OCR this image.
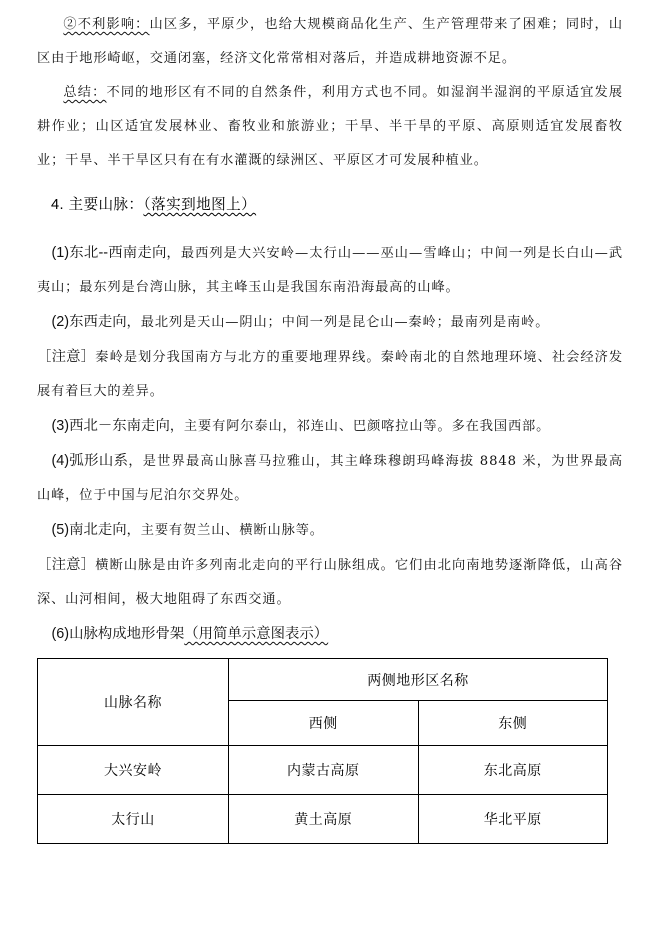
②不利影响：山区多，平原少，也给大规模商品化生产、生产管理带来了困难；同时，山区由于地形崎岖，交通闭塞，经济文化常常相对落后，并造成耕地资源不足。

总结：不同的地形区有不同的自然条件，利用方式也不同。如湿润半湿润的平原适宜发展耕作业；山区适宜发展林业、畜牧业和旅游业；干旱、半干旱的平原、高原则适宜发展畜牧业；干旱、半干旱区只有在有水灌溉的绿洲区、平原区才可发展种植业。

4. 主要山脉：（落实到地图上）

(1)东北--西南走向，最西列是大兴安岭—太行山——巫山—雪峰山；中间一列是长白山—武夷山；最东列是台湾山脉，其主峰玉山是我国东南沿海最高的山峰。

(2)东西走向，最北列是天山—阴山；中间一列是昆仑山—秦岭；最南列是南岭。

［注意］秦岭是划分我国南方与北方的重要地理界线。秦岭南北的自然地理环境、社会经济发展有着巨大的差异。

(3)西北－东南走向，主要有阿尔泰山，祁连山、巴颜喀拉山等。多在我国西部。

(4)弧形山系，是世界最高山脉喜马拉雅山，其主峰珠穆朗玛峰海拔 8848 米，为世界最高山峰，位于中国与尼泊尔交界处。

(5)南北走向，主要有贺兰山、横断山脉等。

［注意］横断山脉是由许多列南北走向的平行山脉组成。它们由北向南地势逐渐降低，山高谷深、山河相间，极大地阻碍了东西交通。

(6)山脉构成地形骨架（用简单示意图表示）

山脉名称	两侧地形区名称	
	西侧	东侧
大兴安岭	内蒙古高原	东北高原
太行山	黄土高原	华北平原
